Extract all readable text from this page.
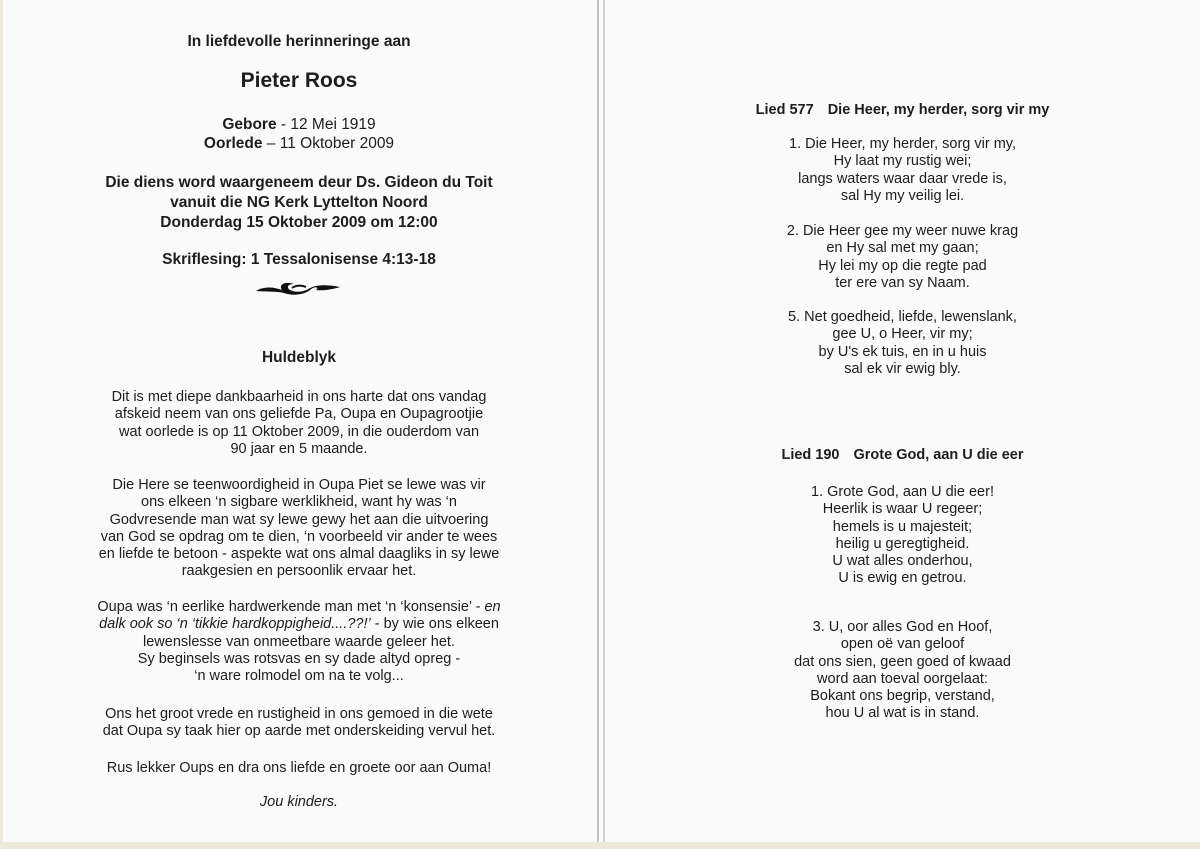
In liefdevolle herinneringe aan
Pieter Roos
Gebore - 12 Mei 1919
Oorlede – 11 Oktober 2009
Die diens word waargeneem deur Ds. Gideon du Toit
vanuit die NG Kerk Lyttelton Noord
Donderdag 15 Oktober 2009 om 12:00
Skriflesing: 1 Tessalonisense 4:13-18
Huldeblyk
Dit is met diepe dankbaarheid in ons harte dat ons vandag
afskeid neem van ons geliefde Pa, Oupa en Oupagrootjie
wat oorlede is op 11 Oktober 2009, in die ouderdom van
90 jaar en 5 maande.
Die Here se teenwoordigheid in Oupa Piet se lewe was vir
ons elkeen ‘n sigbare werklikheid, want hy was ‘n
Godvresende man wat sy lewe gewy het aan die uitvoering
van God se opdrag om te dien, ‘n voorbeeld vir ander te wees
en liefde te betoon - aspekte wat ons almal daagliks in sy lewe
raakgesien en persoonlik ervaar het.
Oupa was ‘n eerlike hardwerkende man met ‘n ‘konsensie’ - en
dalk ook so ‘n ‘tikkie hardkoppigheid....??!’ - by wie ons elkeen
lewenslesse van onmeetbare waarde geleer het.
Sy beginsels was rotsvas en sy dade altyd opreg -
‘n ware rolmodel om na te volg...
Ons het groot vrede en rustigheid in ons gemoed in die wete
dat Oupa sy taak hier op aarde met onderskeiding vervul het.
Rus lekker Oups en dra ons liefde en groete oor aan Ouma!
Jou kinders.
Lied 577 Die Heer, my herder, sorg vir my
1. Die Heer, my herder, sorg vir my,
Hy laat my rustig wei;
langs waters waar daar vrede is,
sal Hy my veilig lei.
2. Die Heer gee my weer nuwe krag
en Hy sal met my gaan;
Hy lei my op die regte pad
ter ere van sy Naam.
5. Net goedheid, liefde, lewenslank,
gee U, o Heer, vir my;
by U's ek tuis, en in u huis
sal ek vir ewig bly.
Lied 190 Grote God, aan U die eer
1. Grote God, aan U die eer!
Heerlik is waar U regeer;
hemels is u majesteit;
heilig u geregtigheid.
U wat alles onderhou,
U is ewig en getrou.
3. U, oor alles God en Hoof,
open oë van geloof
dat ons sien, geen goed of kwaad
word aan toeval oorgelaat:
Bokant ons begrip, verstand,
hou U al wat is in stand.
